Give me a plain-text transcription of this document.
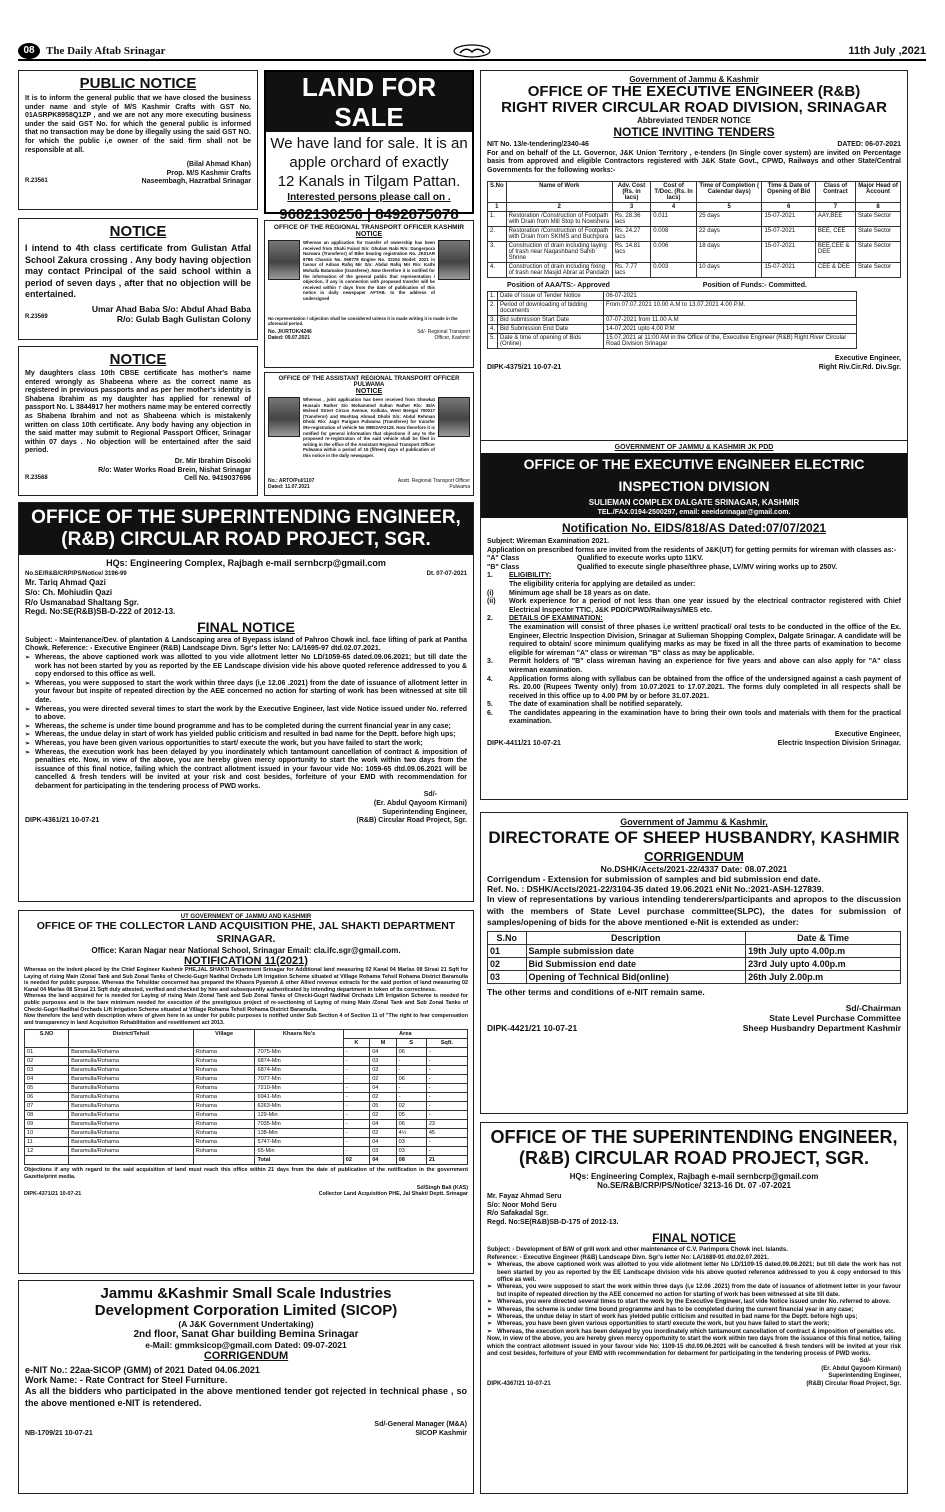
08	The Daily Aftab Srinagar	11th July ,2021
PUBLIC NOTICE
It is to inform the general public that we have closed the business under name and style of M/S Kashmir Crafts with GST No. 01ASRPK8958Q1ZP , and we are not any more executing business under the said GST No. for which the general public is informed that no transaction may be done by illegally using the said GST NO. for which the public i,e owner of the said firm shall not be responsible at all.
(Bilal Ahmad Khan)
Prop. M/S Kashmir Crafts
R.23561	Naseembagh, Hazratbal Srinagar
NOTICE
I intend to 4th class certificate from Gulistan Atfal School Zakura crossing . Any body having objection may contact Principal of the said school within a period of seven days , after that no objection will be entertained.
Umar Ahad Baba S/o: Abdul Ahad Baba
R.23569	R/o: Gulab Bagh Gulistan Colony
NOTICE
My daughters class 10th CBSE certificate has mother's name entered wrongly as Shabeena where as the correct name as registered in previous passports and as per her mother's identity is Shabena Ibrahim as my daughter has applied for renewal of passport No. L 3844917 her mothers name may be entered correctly as Shabena Ibrahim and not as Shabeena which is mistakenly written on class 10th certificate. Any body having any objection in the said matter may submit to Regional Passport Officer, Srinagar within 07 days . No objection will be entertained after the said period.
Dr. Mir Ibrahim Disooki
R/o: Water Works Road Brein, Nishat Srinagar
R.23568	Cell No. 9419037696
LAND FOR SALE
We have land for sale. It is an
apple orchard of exactly
12 Kanals in Tilgam Pattan.
Interested persons please call on .
9682130256 | 8492875078
OFFICE OF THE REGIONAL TRANSPORT OFFICER KASHMIR
NOTICE
Whereas an application for transfer of ownership has been received from Shahi Faisal S/o: Ghulam Nabi R/o: Dangerpora Narwara (Transferor) of Bike bearing registration No. JK01AR 8786 Chassis No. 066778 Engine No. 32204 Model: 2021 in favour of Adnan Rafiq Mir S/o: Abdul Rafiq Mir R/o: Kathi Mohalla Batamaloo (transferee) .Now therefore it is notified for the information of the general public that representation / objection, if any in connection with proposed transfer will be received within 7 days from the date of publication of this notice in daily newspaper AFTAB. to the address of undersigned
No representation / objection shall be considered unless it is made writing it is made in the aforesaid period.
No. JK/RTOK/4246	Sd/- Regional Transport
Dated: 09.07.2021	Officer, Kashmir
OFFICE OF THE ASSISTANT REGIONAL TRANSPORT OFFICER PULWAMA
NOTICE
Whereas , joint application has been received from Showkat Hussain Rather S/o Mohammed Sultan Rather R/o: 36/A Mcleod Street Circus Avenue, Kolkata, West Bengal 700017 (Transferor) and Mushtaq Ahmad Dhobi S/o: Abdul Rehman Dhobi R/o: Jagir Parigam Pulwama (Transferee) for transfer /Re-registration of vehicle No WB02AF2128. Now therefore it is notified for general information that objections if any to the proposed re-registration of the said vehicle shall be filed in writing in the office of the Assistant Regional Transport Officer Pulwama within a period of 15 (fifteen) days of publication of this notice in the daily newspaper.
No.: ARTO/Pul/1107	Asstt. Regional Transport Officer
Dated: 11.07.2021	Pulwama
Government of Jammu & Kashmir
OFFICE OF THE EXECUTIVE ENGINEER (R&B)
RIGHT RIVER CIRCULAR ROAD DIVISION, SRINAGAR
Abbreviated TENDER NOTICE
NOTICE INVITING TENDERS
NIT No. 13/e-tendering/2340-46	DATED: 06-07-2021
For and on behalf of the Lt. Governor, J&K Union Territory , e-tenders (In Single cover system) are invited on Percentage basis from approved and eligible Contractors registered with J&K State Govt., CPWD, Railways and other State/Central Governments for the following works:-
S.No	Name of Work	Adv. Cost (Rs. in lacs)	Cost of T/Doc. (Rs. In lacs)	Time of Completion ( Calendar days)	Time & Date of Opening of Bid	Class of Contract	Major Head of Account
1	2	3	4	5	6	7	8
1.	Restoration /Construction of Footpath with Drain from Mill Stop to Nowshera	Rs. 28.36 lacs	0.011	25 days	15-07-2021	AAY,BEE	State Sector
2.	Restoration /Construction of Footpath with Drain from SKIMS and Buchpora	Rs. 24.27 lacs	0.008	22 days	15-07-2021	BEE, CEE	State Sector
3.	Construction of drain including laying of trash near Naqashband Sahib Shrine	Rs. 14.81 lacs	0.006	18 days	15-07-2021	BEE,CEE & DEE	State Sector
4.	Construction of drain including fixing of trash near Masjid Abrar at Pandach	Rs. 7.77 lacs	0.003	10 days	15-07-2021	CEE & DEE	State Sector
Position of AAA/TS:- Approved	Position of Funds:- Committed.
1.	Date of Issue of Tender Notice	06-07-2021
2.	Period of downloading of bidding documents	From 07.07.2021 10.00 A.M to 13.07.2021 4.00 P.M.
3.	Bid submission Start Date	07-07-2021 from 11.00 A.M
4.	Bid Submission End Date	14-07.2021 upto 4.00 P.M
5.	Date & time of opening of Bids (Online)	15.07.2021 at 11:00 AM in the Office of the, Executive Engineer (R&B) Right River Circular Road Division Srinagar
Executive Engineer,
DIPK-4375/21 10-07-21	Right Riv.Cir.Rd. Div.Sgr.
GOVERNMENT OF JAMMU & KASHMIR JK PDD
OFFICE OF THE EXECUTIVE ENGINEER ELECTRIC INSPECTION DIVISION
SULIEMAN COMPLEX DALGATE SRINAGAR, KASHMIR
TEL./FAX.0194-2500297, email: eeeidsrinagar@gmail.com.
Notification No. EIDS/818/AS Dated:07/07/2021
Subject: Wireman Examination 2021.
Application on prescribed forms are invited from the residents of J&K(UT) for getting permits for wireman with classes as:-
"A" Class	Qualified to execute works upto 11KV.
"B" Class	Qualified to execute single phase/three phase, LV/MV wiring works up to 250V.
1.	ELIGIBILITY:
The eligibility criteria for applying are detailed as under:
(i)	Minimum age shall be 18 years as on date.
(ii)	Work experience for a period of not less than one year issued by the electrical contractor registered with Chief Electrical Inspector TTIC, J&K PDD/CPWD/Railways/MES etc.
2.	DETAILS OF EXAMINATION:
The examination will consist of three phases i.e written/ practical/ oral tests to be conducted in the office of the Ex. Engineer, Electric Inspection Division, Srinagar at Sulieman Shopping Complex, Dalgate Srinagar. A candidate will be required to obtain/ score minimum qualifying marks as may be fixed in all the three parts of examination to become eligible for wireman "A" class or wireman "B" class as may be applicable.
3.	Permit holders of "B" class wireman having an experience for five years and above can also apply for "A" class wireman examination.
4.	Application forms along with syllabus can be obtained from the office of the undersigned against a cash payment of Rs. 20.00 (Rupees Twenty only) from 10.07.2021 to 17.07.2021. The forms duly completed in all respects shall be received in this office up to 4.00 PM by or before 31.07.2021.
5.	The date of examination shall be notified separately.
6.	The candidates appearing in the examination have to bring their own tools and materials with them for the practical examination.
Executive Engineer,
DIPK-4411/21 10-07-21	Electric Inspection Division Srinagar.
OFFICE OF THE SUPERINTENDING ENGINEER,
(R&B) CIRCULAR ROAD PROJECT, SGR.
HQs: Engineering Complex, Rajbagh e-mail sernbcrp@gmail.com
No.SE/R&B/CRP/PS/Notice/ 3196-99	Dt. 07-07-2021
Mr. Tariq Ahmad Qazi
S/o: Ch. Mohiudin Qazi
R/o Usmanabad Shaltang Sgr.
Regd. No:SE(R&B)SB-D-222 of 2012-13.
FINAL NOTICE
Subject: - Maintenance/Dev. of plantation & Landscaping area of Byepass island of Pahroo Chowk incl. face lifting of park at Pantha Chowk. Reference: - Executive Engineer (R&B) Landscape Divn. Sgr's letter No: LA/1695-97 dtd.02.07.2021.
➢ Whereas, the above captioned work was allotted to you vide allotment letter No LD/1059-65 dated.09.06.2021; but till date the work has not been started by you as reported by the EE Landscape division vide his above quoted reference addressed to you & copy endorsed to this office as well.
➢ Whereas, you were supposed to start the work within three days (i,e 12.06 .2021) from the date of issuance of allotment letter in your favour but inspite of repeated direction by the AEE concerned no action for starting of work has been witnessed at site till date.
➢ Whereas, you were directed several times to start the work by the Executive Engineer, last vide Notice issued under No. referred to above.
➢ Whereas, the scheme is under time bound programme and has to be completed during the current financial year in any case;
➢ Whereas, the undue delay in start of work has yielded public criticism and resulted in bad name for the Deptt. before high ups;
➢ Whereas, you have been given various opportunities to start/ execute the work, but you have failed to start the work;
➢ Whereas, the execution work has been delayed by you inordinately which tantamount cancellation of contract & imposition of penalties etc. Now, in view of the above, you are hereby given mercy opportunity to start the work within two days from the issuance of this final notice, failing which the contract allotment issued in your favour vide No: 1059-65 dtd.09.06.2021 will be cancelled & fresh tenders will be invited at your risk and cost besides, forfeiture of your EMD with recommendation for debarment for participating in the tendering process of PWD works.
Sd/-
(Er. Abdul Qayoom Kirmani)
Superintending Engineer,
DIPK-4361/21 10-07-21	(R&B) Circular Road Project, Sgr.
UT GOVERNMENT OF JAMMU AND KASHMIR
OFFICE OF THE COLLECTOR LAND ACQUISITION PHE, JAL SHAKTI DEPARTMENT SRINAGAR.
Office: Karan Nagar near National School, Srinagar Email: cla.ifc.sgr@gmail.com.
NOTIFICATION 11(2021)
Whereas on the indent placed by the Chief Engineer Kashmir PHE,JAL SHAKTI Department Srinagar for Additional land measuring 02 Kanal 04 Marlas 08 Sirsai 21 Sqft for Laying of rising Main /Zonal Tank and Sub Zonal Tanks of Checki-Gugri Nadihal Orchads Lift Irrigation Scheme situated at Village Rohama Tehsil Rohama District Baramulla is needed for public purpose. Whereas the Tehsildar concerned has prepared the Khasra Pyamish & other Allied revenue extracts for the said portion of land measuring 02 Kanal 04 Marlas 08 Sirsai 21 Sqft duly attested, verified and checked by him and subsequently authenticated by intending department in token of its correctness.
Whereas the land acquired for is needed for Laying of rising Main /Zonal Tank and Sub Zonal Tanks of Checki-Gugri Nadihal Orchads Lift Irrigation Scheme is needed for public purposes and is the bare minimum needed for execution of the prestigious project of re-sectioning of Laying of rising Main /Zonal Tank and Sub Zonal Tanks of Checki-Gugri Nadihal Orchads Lift Irrigation Scheme situated at Village Rohama Tehsil Rohama District Baramulla.
Now therefore the land with description where of given here in as under for public purposes is notified under Sub Section 4 of Section 11 of "The right to fear compensation and transparency in land Acquisition Rehabilitation and resettlement act 2013.
S.NO	District/Tehsil	Village	Khasra No's	Area			
				K	M	S	Sqft.
01	Baramulla/Rohama	Rohama	7075-Min	-	04	06	-
02	Baramulla/Rohama	Rohama	6874-Min	-	03	-	-
03	Baramulla/Rohama	Rohama	6874-Min	-	03	-	-
04	Baramulla/Rohama	Rohama	7077-Min	-	02	06	-
05	Baramulla/Rohama	Rohama	7210-Min	-	04	-	-
06	Baramulla/Rohama	Rohama	6941-Min	-	02	-	-
07	Baramulla/Rohama	Rohama	6263-Min	-	05	02	-
08	Baramulla/Rohama	Rohama	129-Min	-	02	05	-
09	Baramulla/Rohama	Rohama	7035-Min	-	04	06	23
10	Baramulla/Rohama	Rohama	138-Min	-	02	4½	45
11	Baramulla/Rohama	Rohama	5747-Min	-	04	03	-
12	Baramulla/Rohama	Rohama	65-Min	-	03	03	-
			Total	02	04	08	21
Objections if any with regard to the said acquisition of land must reach this office within 21 days from the date of publication of the notification in the government Gazette/print media.
Sd/Singh Bali (KAS)
DIPK-4371/21 10-07-21	Collector Land Acquisition PHE, Jal Shakti Deptt. Srinagar
Jammu &Kashmir Small Scale Industries
Development Corporation Limited (SICOP)
(A J&K Government Undertaking)
2nd floor, Sanat Ghar building Bemina Srinagar
e-Mail: gmmksicop@gmail.com Dated: 09-07-2021
CORRIGENDUM
e-NIT No.: 22aa-SICOP (GMM) of 2021 Dated 04.06.2021
Work Name: - Rate Contract for Steel Furniture.
As all the bidders who participated in the above mentioned tender got rejected in technical phase , so the above mentioned e-NIT is retendered.
Sd/-General Manager (M&A)
NB-1709/21 10-07-21	SICOP Kashmir
Government of Jammu & Kashmir,
DIRECTORATE OF SHEEP HUSBANDRY, KASHMIR
CORRIGENDUM
No.DSHK/Accts/2021-22/4337 Date: 08.07.2021
Corrigendum - Extension for submission of samples and bid submission end date.
Ref. No. : DSHK/Accts/2021-22/3104-35 dated 19.06.2021 eNit No.:2021-ASH-127839.
In view of representations by various intending tenderers/participants and apropos to the discussion with the members of State Level purchase committee(SLPC), the dates for submission of samples/opening of bids for the above mentioned e-Nit is extended as under:
S.No	Description	Date & Time
01	Sample submission date	19th July upto 4.00p.m
02	Bid Submission end date	23rd July upto 4.00p.m
03	Opening of Technical Bid(online)	26th July 2.00p.m
The other terms and conditions of e-NIT remain same.
Sd/-Chairman
State Level Purchase Committee
DIPK-4421/21 10-07-21	Sheep Husbandry Department Kashmir
OFFICE OF THE SUPERINTENDING ENGINEER,
(R&B) CIRCULAR ROAD PROJECT, SGR.
HQs: Engineering Complex, Rajbagh e-mail sernbcrp@gmail.com
No.SE/R&B/CRP/PS/Notice/ 3213-16 Dt. 07 -07-2021
Mr. Fayaz Ahmad Seru
S/o: Noor Mohd Seru
R/o Safakadal Sgr.
Regd. No:SE(R&B)SB-D-175 of 2012-13.
FINAL NOTICE
Subject: - Development of B/W of grill work and other maintenance of C.V. Parimpora Chowk incl. Islands.
Reference: - Executive Engineer (R&B) Landscape Divn. Sgr's letter No: LA/1689-91 dtd.02.07.2021.
➢ Whereas, the above captioned work was allotted to you vide allotment letter No LD/1109-15 dated.09.06.2021; but till date the work has not been started by you as reported by the EE Landscape division vide his above quoted reference addressed to you & copy endorsed to this office as well.
➢ Whereas, you were supposed to start the work within three days (i,e 12.06 .2021) from the date of issuance of allotment letter in your favour but inspite of repeated direction by the AEE concerned no action for starting of work has been witnessed at site till date.
➢ Whereas, you were directed several times to start the work by the Executive Engineer, last vide Notice issued under No. referred to above.
➢ Whereas, the scheme is under time bound programme and has to be completed during the current financial year in any case;
➢ Whereas, the undue delay in start of work has yielded public criticism and resulted in bad name for the Deptt. before high ups;
➢ Whereas, you have been given various opportunities to start/ execute the work, but you have failed to start the work;
➢ Whereas, the execution work has been delayed by you inordinately which tantamount cancellation of contract & imposition of penalties etc.
Now, in view of the above, you are hereby given mercy opportunity to start the work within two days from the issuance of this final notice, failing which the contract allotment issued in your favour vide No: 1109-15 dtd.09.06.2021 will be cancelled & fresh tenders will be invited at your risk and cost besides, forfeiture of your EMD with recommendation for debarment for participating in the tendering process of PWD works.
Sd/-
(Er. Abdul Qayoom Kirmani)
Superintending Engineer,
DIPK-4367/21 10-07-21	(R&B) Circular Road Project, Sgr.
